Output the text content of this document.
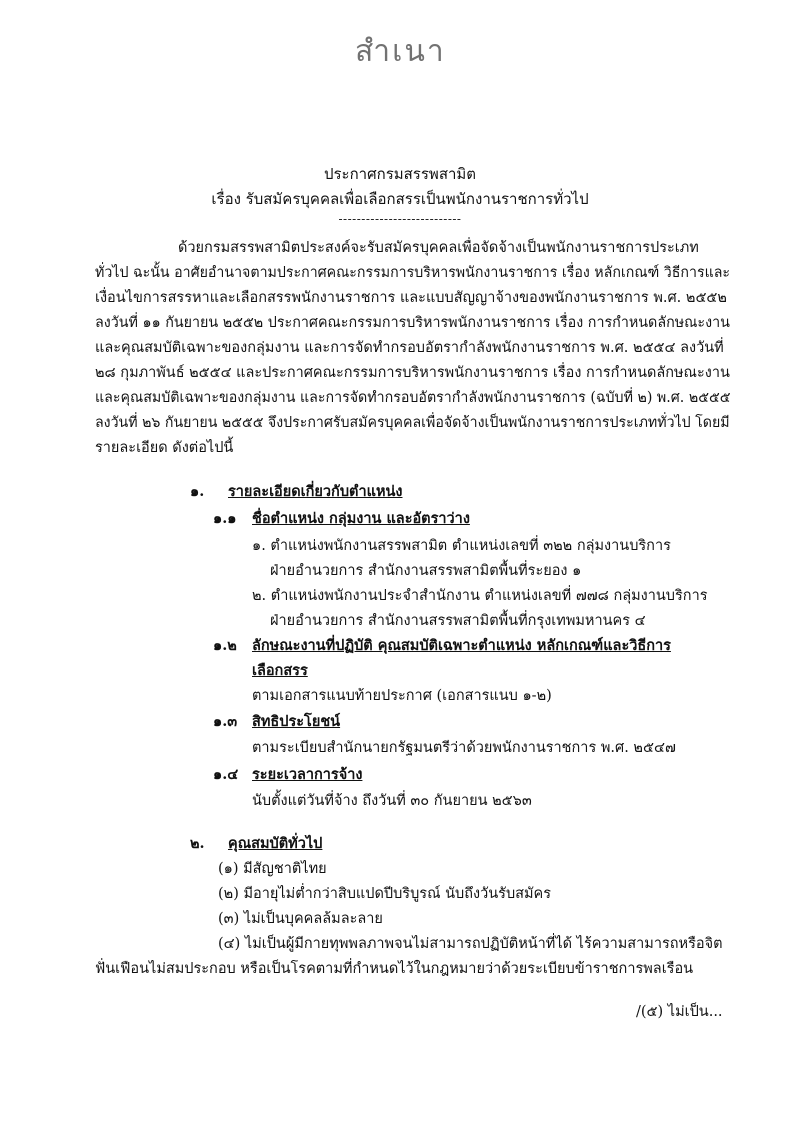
สำเนา
ประกาศกรมสรรพสามิต
เรื่อง รับสมัครบุคคลเพื่อเลือกสรรเป็นพนักงานราชการทั่วไป
---------------------------
ด้วยกรมสรรพสามิตประสงค์จะรับสมัครบุคคลเพื่อจัดจ้างเป็นพนักงานราชการประเภท
ทั่วไป ฉะนั้น อาศัยอำนาจตามประกาศคณะกรรมการบริหารพนักงานราชการ เรื่อง หลักเกณฑ์ วิธีการและ
เงื่อนไขการสรรหาและเลือกสรรพนักงานราชการ และแบบสัญญาจ้างของพนักงานราชการ พ.ศ. ๒๕๕๒
ลงวันที่ ๑๑ กันยายน ๒๕๕๒ ประกาศคณะกรรมการบริหารพนักงานราชการ เรื่อง การกำหนดลักษณะงาน
และคุณสมบัติเฉพาะของกลุ่มงาน และการจัดทำกรอบอัตรากำลังพนักงานราชการ พ.ศ. ๒๕๕๔ ลงวันที่
๒๘ กุมภาพันธ์ ๒๕๕๔ และประกาศคณะกรรมการบริหารพนักงานราชการ เรื่อง การกำหนดลักษณะงาน
และคุณสมบัติเฉพาะของกลุ่มงาน และการจัดทำกรอบอัตรากำลังพนักงานราชการ (ฉบับที่ ๒) พ.ศ. ๒๕๕๕
ลงวันที่ ๒๖ กันยายน ๒๕๕๕ จึงประกาศรับสมัครบุคคลเพื่อจัดจ้างเป็นพนักงานราชการประเภททั่วไป โดยมี
รายละเอียด ดังต่อไปนี้
๑. รายละเอียดเกี่ยวกับตำแหน่ง
๑.๑ ชื่อตำแหน่ง กลุ่มงาน และอัตราว่าง
๑. ตำแหน่งพนักงานสรรพสามิต ตำแหน่งเลขที่ ๓๒๒ กลุ่มงานบริการ
ฝ่ายอำนวยการ สำนักงานสรรพสามิตพื้นที่ระยอง ๑
๒. ตำแหน่งพนักงานประจำสำนักงาน ตำแหน่งเลขที่ ๗๗๘ กลุ่มงานบริการ
ฝ่ายอำนวยการ สำนักงานสรรพสามิตพื้นที่กรุงเทพมหานคร ๔
๑.๒ ลักษณะงานที่ปฏิบัติ คุณสมบัติเฉพาะตำแหน่ง หลักเกณฑ์และวิธีการ
เลือกสรร
ตามเอกสารแนบท้ายประกาศ (เอกสารแนบ ๑-๒)
๑.๓ สิทธิประโยชน์
ตามระเบียบสำนักนายกรัฐมนตรีว่าด้วยพนักงานราชการ พ.ศ. ๒๕๔๗
๑.๔ ระยะเวลาการจ้าง
นับตั้งแต่วันที่จ้าง ถึงวันที่ ๓๐ กันยายน ๒๕๖๓
๒. คุณสมบัติทั่วไป
(๑) มีสัญชาติไทย
(๒) มีอายุไม่ต่ำกว่าสิบแปดปีบริบูรณ์ นับถึงวันรับสมัคร
(๓) ไม่เป็นบุคคลล้มละลาย
(๔) ไม่เป็นผู้มีกายทุพพลภาพจนไม่สามารถปฏิบัติหน้าที่ได้ ไร้ความสามารถหรือจิต
ฟั่นเฟือนไม่สมประกอบ หรือเป็นโรคตามที่กำหนดไว้ในกฎหมายว่าด้วยระเบียบข้าราชการพลเรือน
/(๕) ไม่เป็น...
